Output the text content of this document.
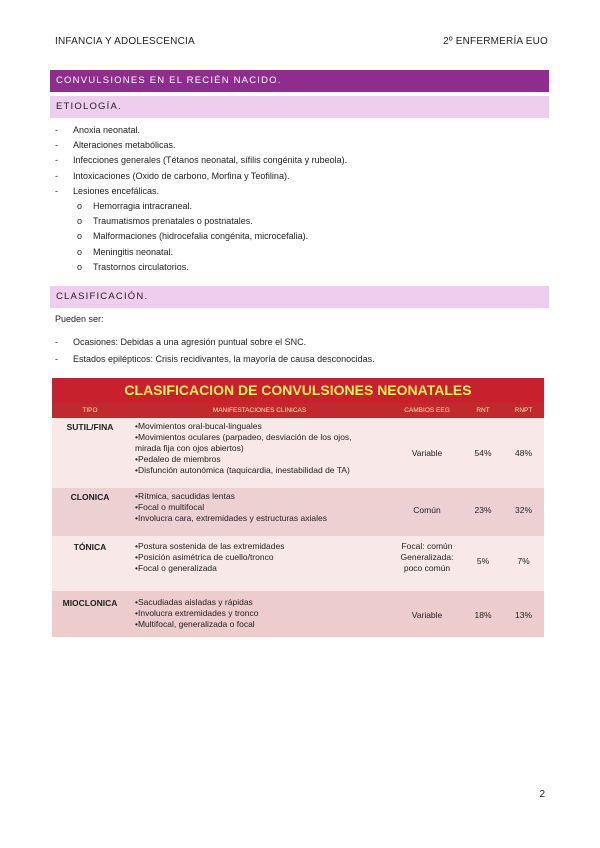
INFANCIA Y ADOLESCENCIA	2º ENFERMERÍA EUO
CONVULSIONES EN EL RECIÉN NACIDO.
ETIOLOGÍA.
- Anoxia neonatal.
- Alteraciones metabólicas.
- Infecciones generales (Tétanos neonatal, sífilis congénita y rubeola).
- Intoxicaciones (Oxido de carbono, Morfina y Teofilina).
- Lesiones encefálicas.
o Hemorragia intracraneal.
o Traumatismos prenatales o postnatales.
o Malformaciones (hidrocefalia congénita, microcefalia).
o Meningitis neonatal.
o Trastornos circulatorios.
CLASIFICACIÓN.
Pueden ser:
- Ocasiones: Debidas a una agresión puntual sobre el SNC.
- Estados epilépticos: Crisis recidivantes, la mayoría de causa desconocidas.
CLASIFICACION DE CONVULSIONES NEONATALES
TIPO	MANIFESTACIONES CLINICAS	CAMBIOS EEG	RNT	RNPT
SUTIL/FINA	•Movimientos oral-bucal-linguales
•Movimientos oculares (parpadeo, desviación de los ojos,
mirada fija con ojos abiertos)
•Pedaleo de miembros
•Disfunción autonómica (taquicardia, inestabilidad de TA)
Variable	54%	48%
CLONICA	•Rítmica, sacudidas lentas
•Focal o multifocal
•Involucra cara, extremidades y estructuras axiales
Común	23%	32%
TÓNICA	•Postura sostenida de las extremidades
•Posición asimétrica de cuello/tronco
•Focal o generalizada
Focal: común
Generalizada:
poco común
5%	7%
MIOCLONICA	•Sacudiadas aisladas y rápidas
•Involucra extremidades y tronco
•Multifocal, generalizada o focal
Variable	18%	13%
2
